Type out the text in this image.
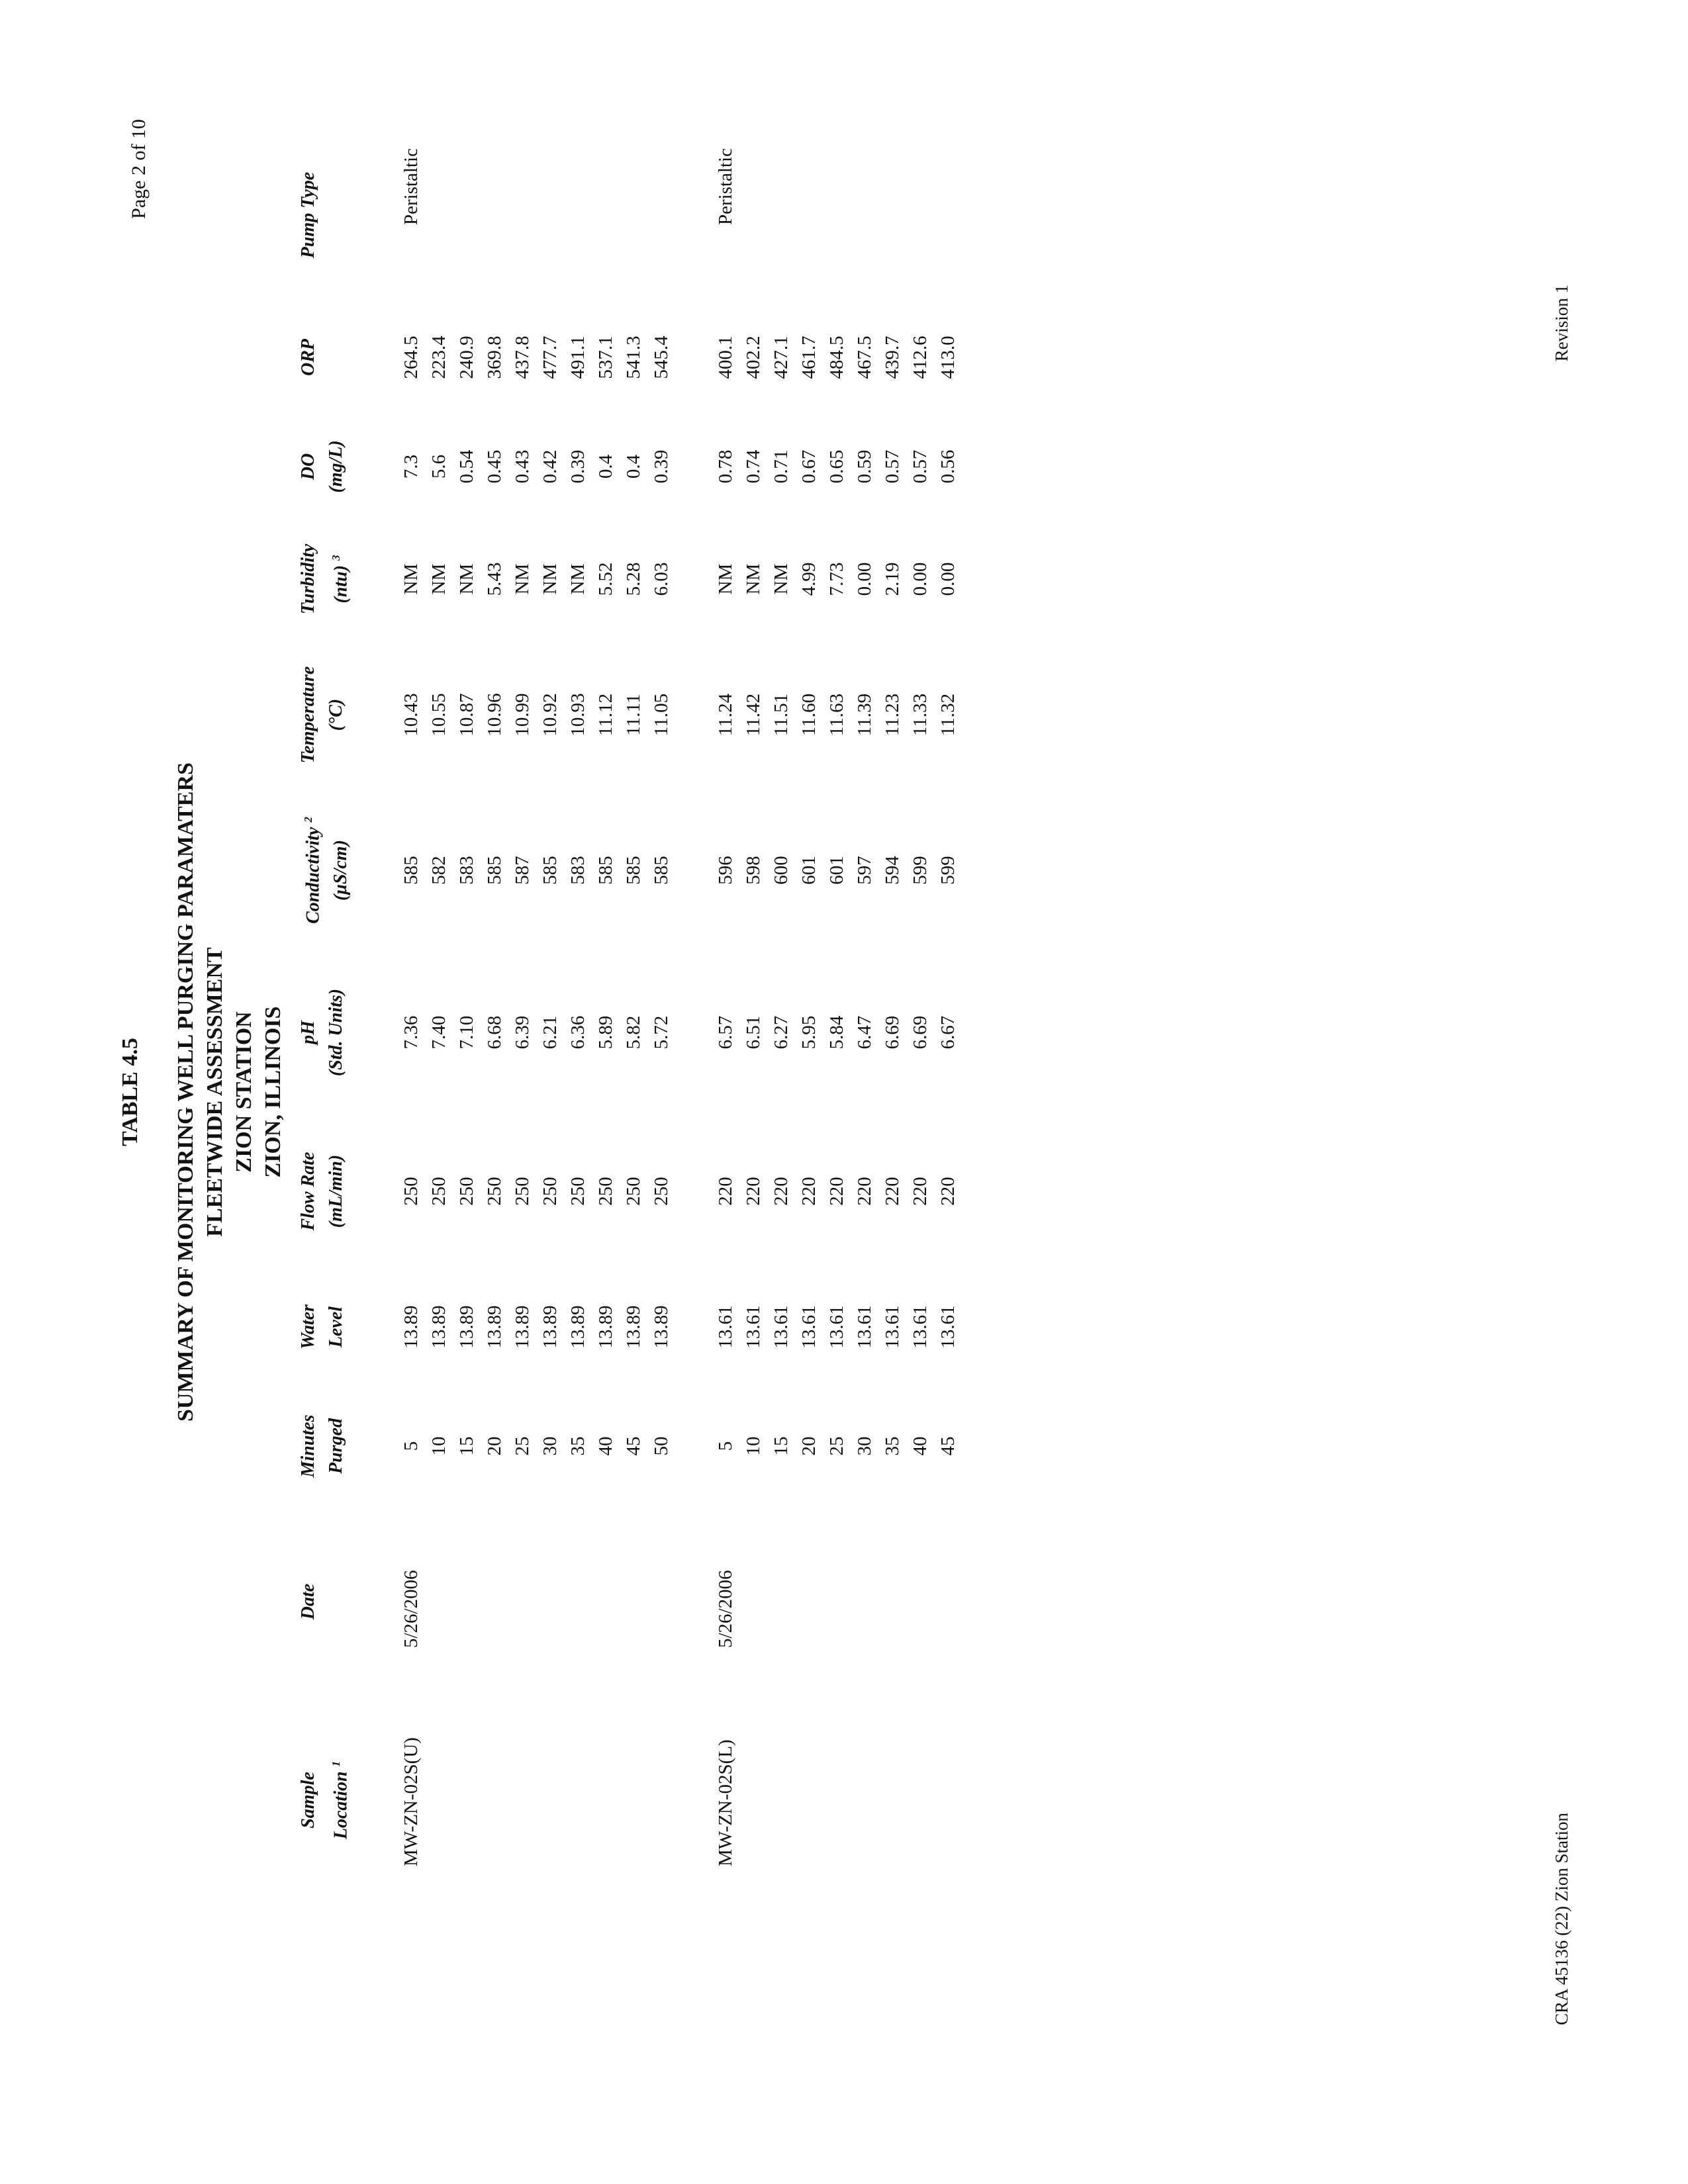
Page 2 of 10
Revision 1
CRA 45136 (22) Zion Station
TABLE 4.5 SUMMARY OF MONITORING WELL PURGING PARAMATERS FLEETWIDE ASSESSMENT ZION STATION ZION, ILLINOIS
Sample Location $^1$
Date
Minutes Purged
Water Level
Flow Rate (mL/min)
pH (Std. Units)
Conductivity $^2$
(μS/cm)
Temperature (°C)
Turbidity (ntu) $^3$
DO (mg/L)
ORP
Pump Type
MW-ZN-02S(U)
5/26/2006
Peristaltic
5 10 15 20 25 30 35 40 45 50
13.89 13.89 13.89 13.89 13.89 13.89 13.89 13.89 13.89 13.89
250 250 250 250 250 250 250 250 250 250
7.36 7.40 7.10 6.68 6.39 6.21 6.36 5.89 5.82 5.72
585 582 583 585 587 585 583 585 585 585
10.43 10.55 10.87 10.96 10.99 10.92 10.93 11.12 11.11 11.05
NM NM NM 5.43 NM NM NM 5.52 5.28 6.03
7.3 5.6 0.54 0.45 0.43 0.42 0.39 0.4 0.4 0.39
264.5 223.4 240.9 369.8 437.8 477.7 491.1 537.1 541.3 545.4
MW-ZN-02S(L)
5/26/2006
Peristaltic
5 10 15 20 25 30 35 40 45
13.61 13.61 13.61 13.61 13.61 13.61 13.61 13.61 13.61
220 220 220 220 220 220 220 220 220
6.57 6.51 6.27 5.95 5.84 6.47 6.69 6.69 6.67
596 598 600 601 601 597 594 599 599
11.24 11.42 11.51 11.60 11.63 11.39 11.23 11.33 11.32
NM NM NM 4.99 7.73 0.00 2.19 0.00 0.00
0.78 0.74 0.71 0.67 0.65 0.59 0.57 0.57 0.56
400.1 402.2 427.1 461.7 484.5 467.5 439.7 412.6 413.0
